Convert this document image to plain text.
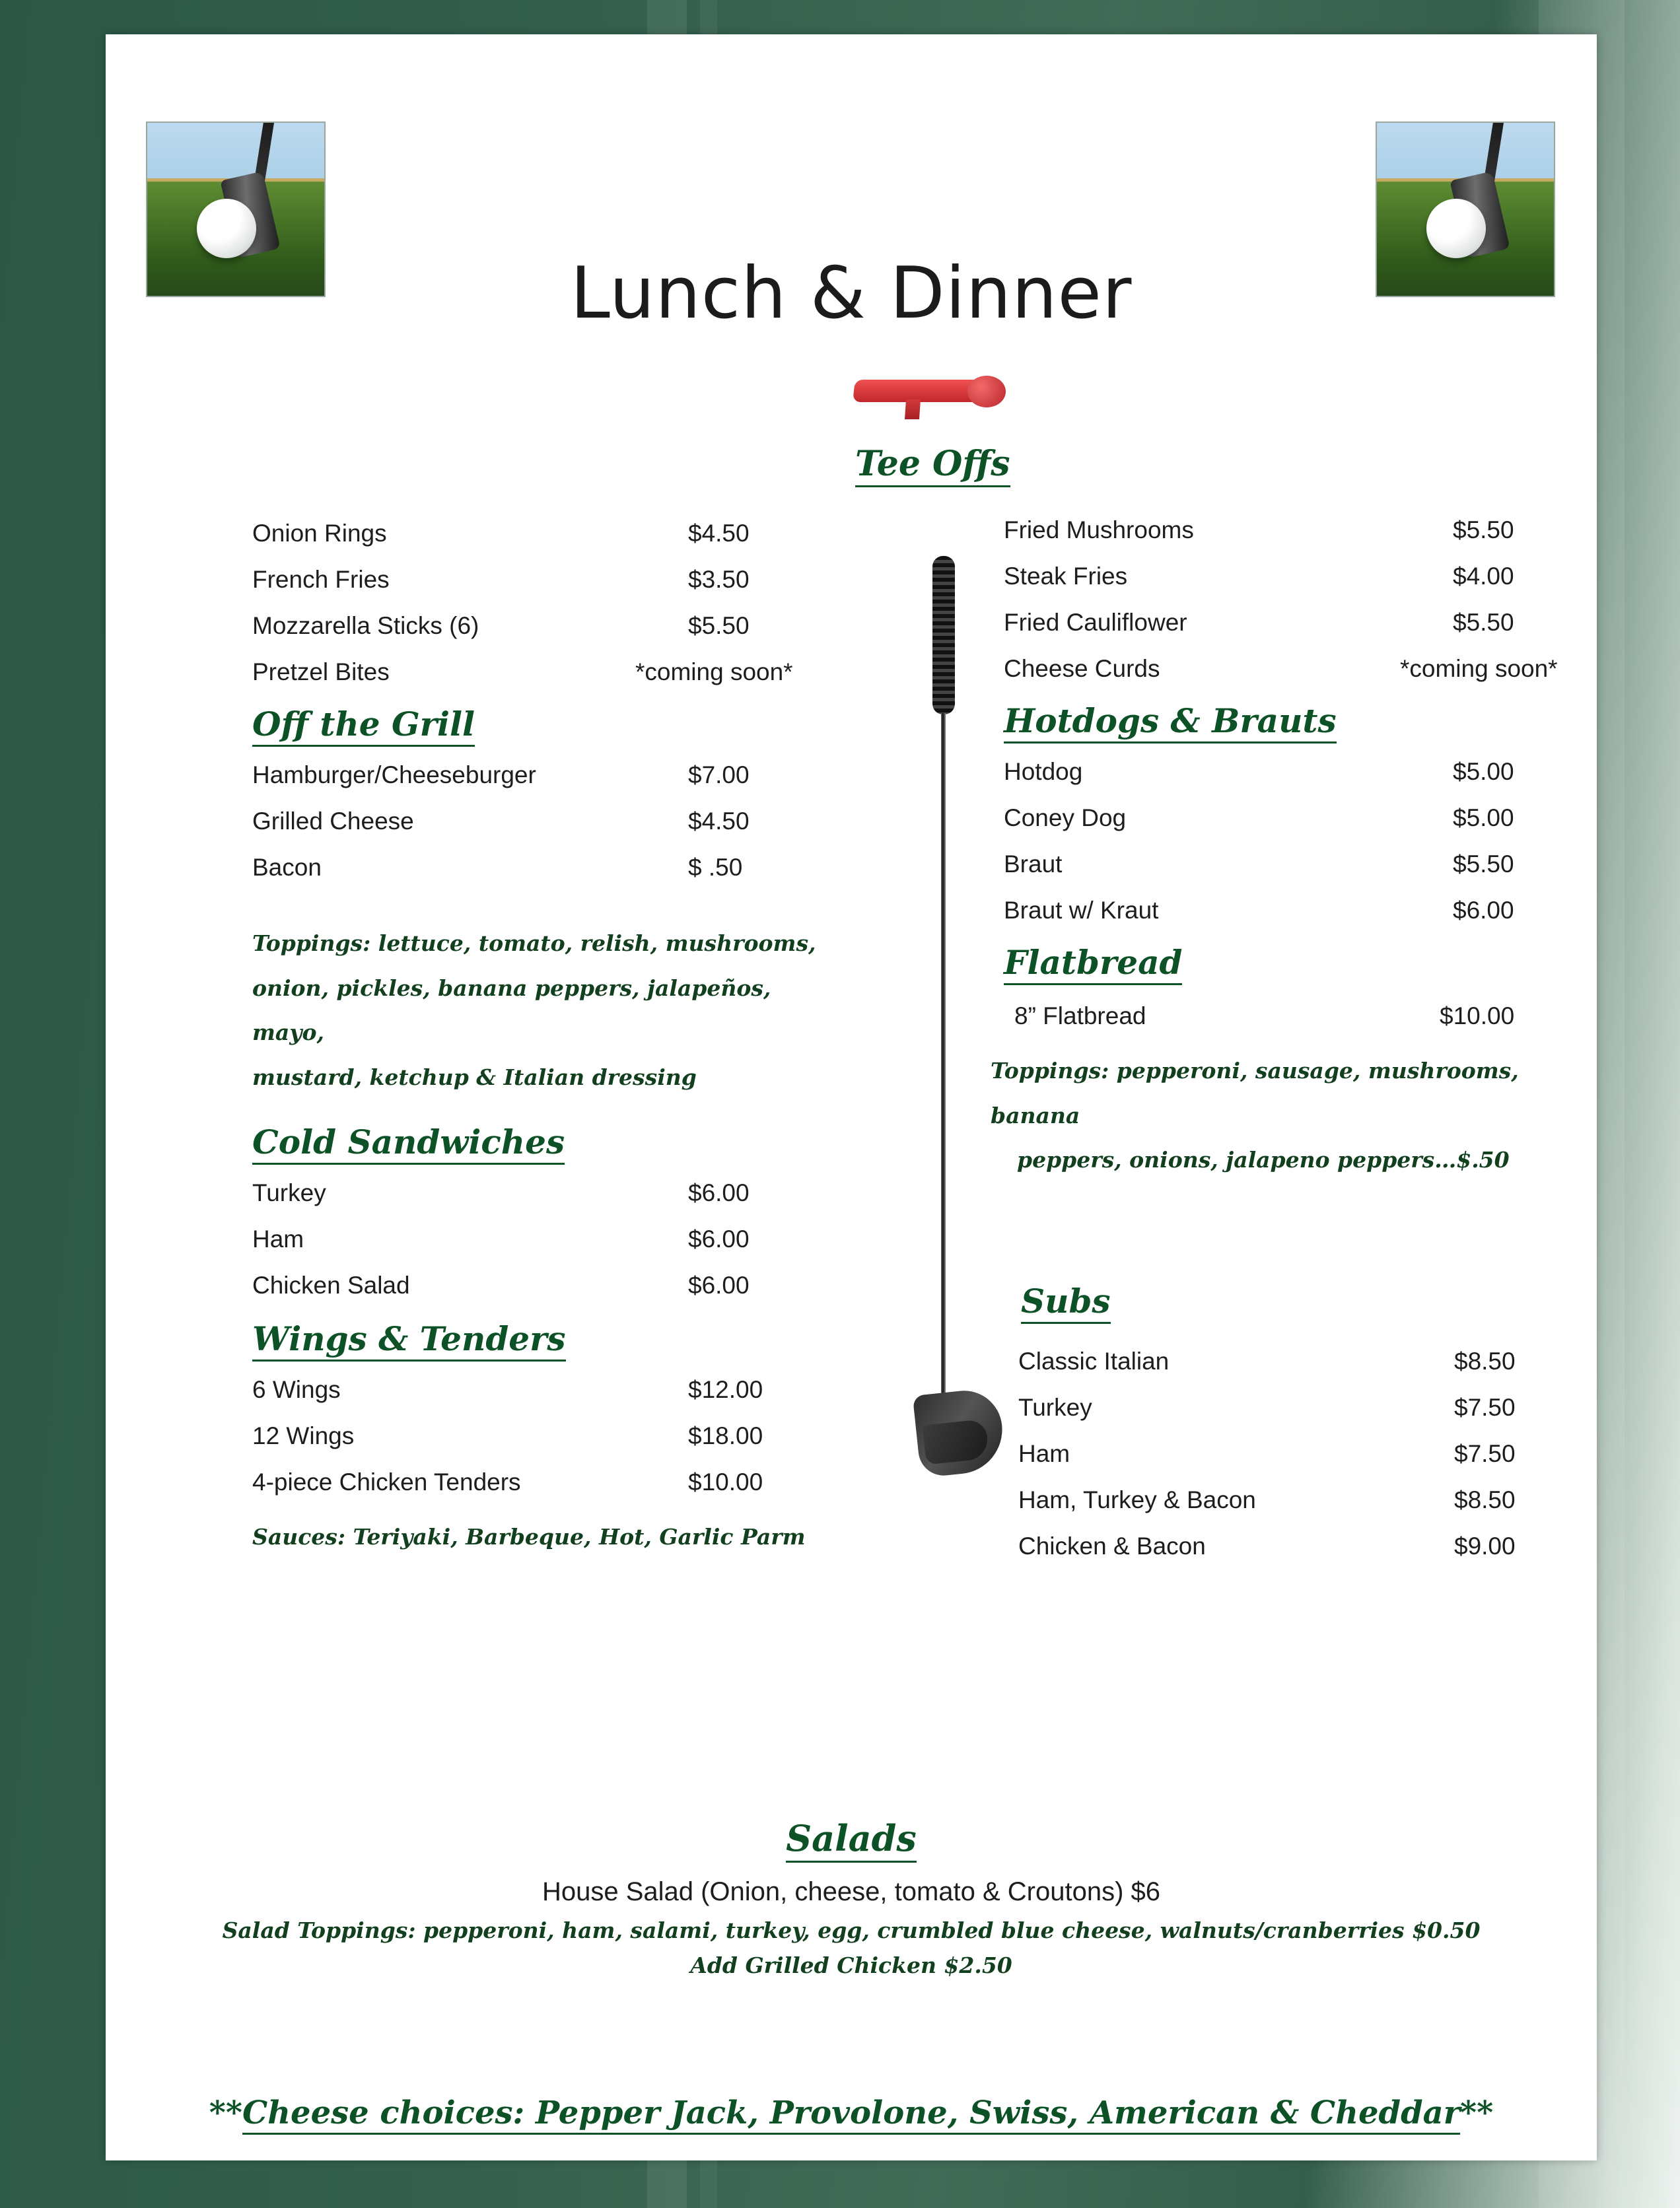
Lunch & Dinner
Tee Offs
Onion Rings	$4.50
French Fries	$3.50
Mozzarella Sticks (6)	$5.50
Pretzel Bites	*coming soon*
Off the Grill
Hamburger/Cheeseburger	$7.00
Grilled Cheese	$4.50
Bacon	$ .50
Toppings: lettuce, tomato, relish, mushrooms,
onion, pickles, banana peppers, jalapeños, mayo,
mustard, ketchup & Italian dressing
Cold Sandwiches
Turkey	$6.00
Ham	$6.00
Chicken Salad	$6.00
Wings & Tenders
6 Wings	$12.00
12 Wings	$18.00
4-piece Chicken Tenders	$10.00
Sauces: Teriyaki, Barbeque, Hot, Garlic Parm
Fried Mushrooms	$5.50
Steak Fries	$4.00
Fried Cauliflower	$5.50
Cheese Curds	*coming soon*
Hotdogs & Brauts
Hotdog	$5.00
Coney Dog	$5.00
Braut	$5.50
Braut w/ Kraut	$6.00
Flatbread
8” Flatbread	$10.00
Toppings: pepperoni, sausage, mushrooms, banana
peppers, onions, jalapeno peppers…$.50
Subs
Classic Italian	$8.50
Turkey	$7.50
Ham	$7.50
Ham, Turkey & Bacon	$8.50
Chicken & Bacon	$9.00
Salads
House Salad (Onion, cheese, tomato & Croutons) $6
Salad Toppings: pepperoni, ham, salami, turkey, egg, crumbled blue cheese, walnuts/cranberries $0.50
Add Grilled Chicken $2.50
**Cheese choices: Pepper Jack, Provolone, Swiss, American & Cheddar**
